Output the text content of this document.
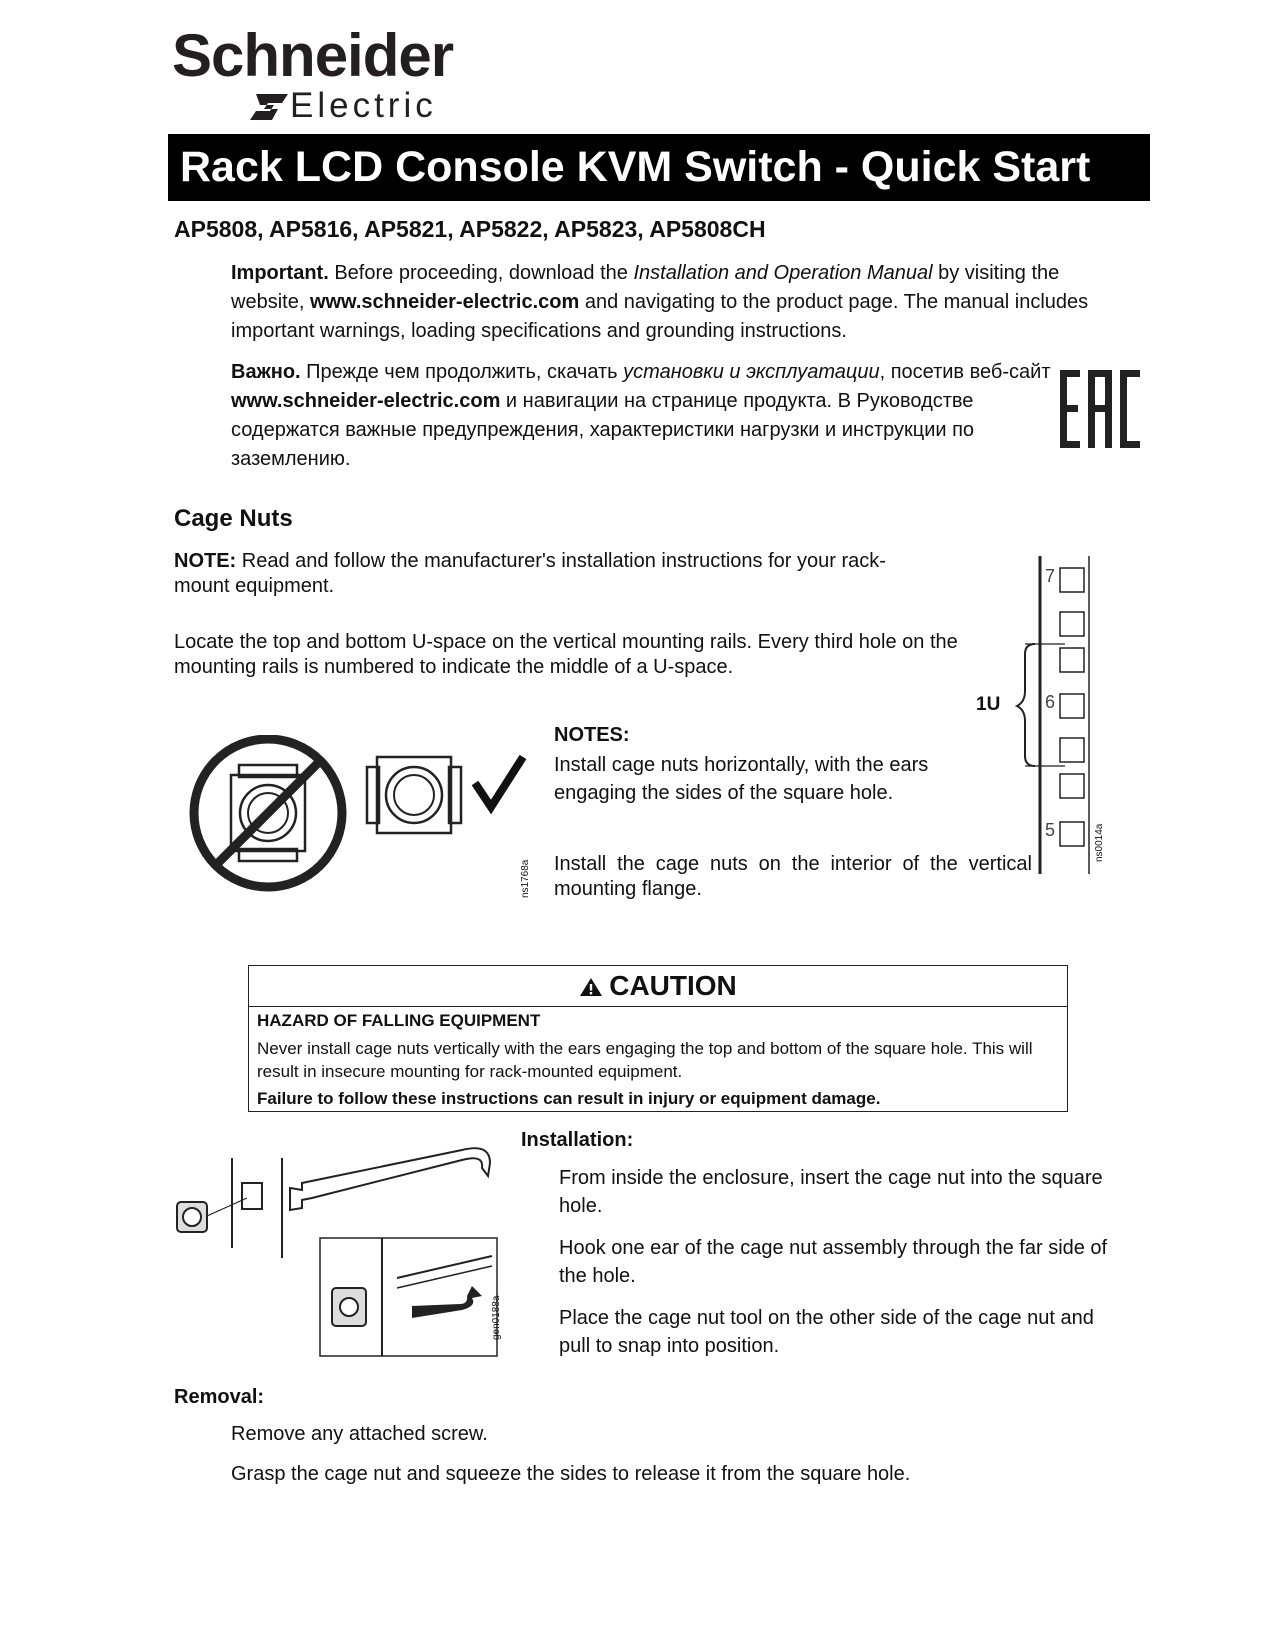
Schneider
Electric
Rack LCD Console KVM Switch - Quick Start
AP5808, AP5816, AP5821, AP5822, AP5823, AP5808CH
Important. Before proceeding, download the Installation and Operation Manual by visiting the website, www.schneider-electric.com and navigating to the product page. The manual includes important warnings, loading specifications and grounding instructions.
Важно. Прежде чем продолжить, скачать установки и эксплуатации, посетив веб-сайт www.schneider-electric.com и навигации на странице продукта. В Руководстве содержатся важные предупреждения, характеристики нагрузки и инструкции по заземлению.
Cage Nuts
NOTE: Read and follow the manufacturer's installation instructions for your rack-mount equipment.
Locate the top and bottom U-space on the vertical mounting rails. Every third hole on the mounting rails is numbered to indicate the middle of a U-space.
ns1768a
NOTES:
Install cage nuts horizontally, with the ears engaging the sides of the square hole.
Install the cage nuts on the interior of the vertical mounting flange.
7
6
5
1U
ns0014a
CAUTION
HAZARD OF FALLING EQUIPMENT
Never install cage nuts vertically with the ears engaging the top and bottom of the square hole. This will result in insecure mounting for rack-mounted equipment.
Failure to follow these instructions can result in injury or equipment damage.
Installation:
From inside the enclosure, insert the cage nut into the square hole.
Hook one ear of the cage nut assembly through the far side of the hole.
Place the cage nut tool on the other side of the cage nut and pull to snap into position.
gen0188a
Removal:
Remove any attached screw.
Grasp the cage nut and squeeze the sides to release it from the square hole.
